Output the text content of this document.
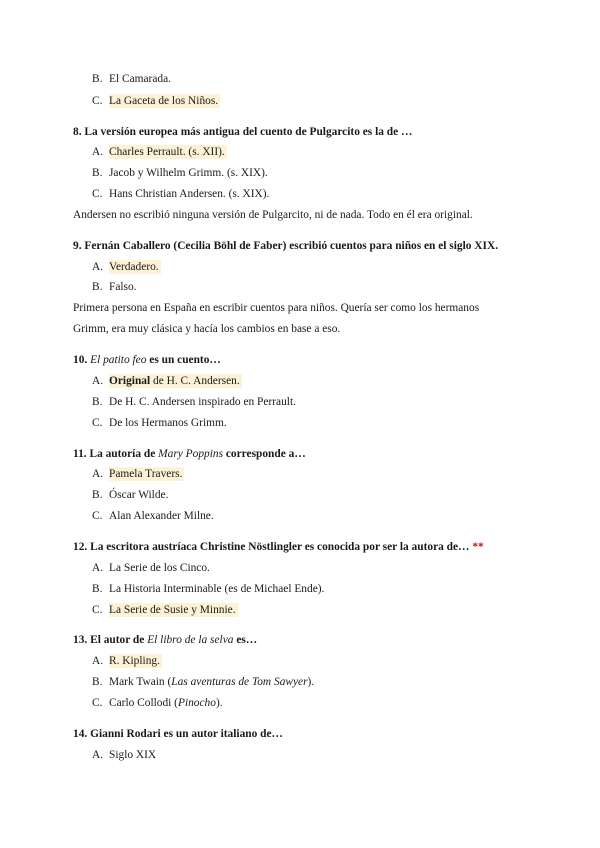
B. El Camarada.
C. La Gaceta de los Niños.
8. La versión europea más antigua del cuento de Pulgarcito es la de …
A. Charles Perrault. (s. XII).
B. Jacob y Wilhelm Grimm. (s. XIX).
C. Hans Christian Andersen. (s. XIX).
Andersen no escribió ninguna versión de Pulgarcito, ni de nada. Todo en él era original.
9. Fernán Caballero (Cecilia Böhl de Faber) escribió cuentos para niños en el siglo XIX.
A. Verdadero.
B. Falso.
Primera persona en España en escribir cuentos para niños. Quería ser como los hermanos
Grimm, era muy clásica y hacía los cambios en base a eso.
10. El patito feo es un cuento…
A. Original de H. C. Andersen.
B. De H. C. Andersen inspirado en Perrault.
C. De los Hermanos Grimm.
11. La autoría de Mary Poppins corresponde a…
A. Pamela Travers.
B. Óscar Wilde.
C. Alan Alexander Milne.
12. La escritora austríaca Christine Nöstlingler es conocida por ser la autora de… **
A. La Serie de los Cinco.
B. La Historia Interminable (es de Michael Ende).
C. La Serie de Susie y Minnie.
13. El autor de El libro de la selva es…
A. R. Kipling.
B. Mark Twain (Las aventuras de Tom Sawyer).
C. Carlo Collodi (Pinocho).
14. Gianni Rodari es un autor italiano de…
A. Siglo XIX
